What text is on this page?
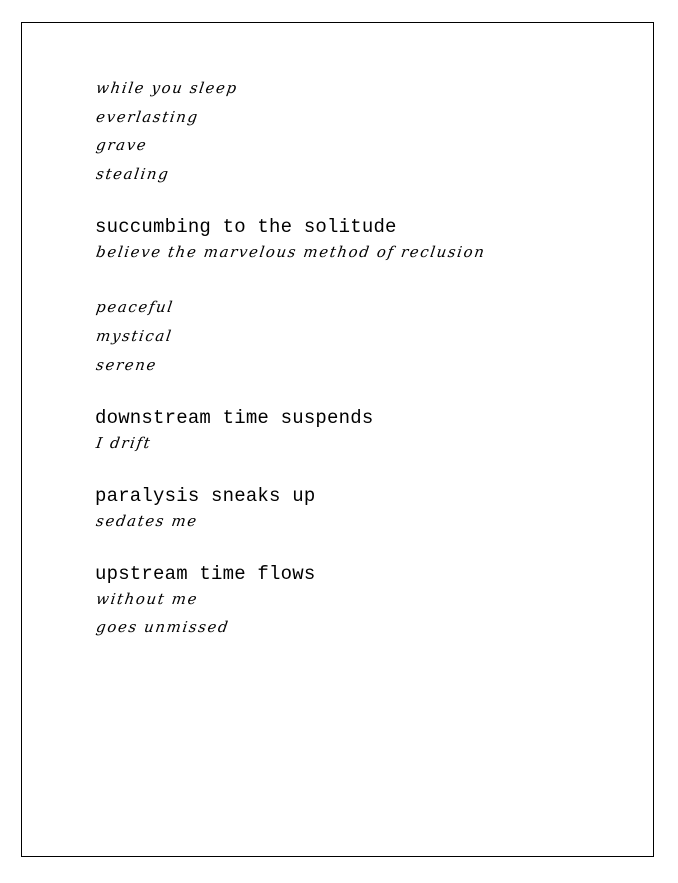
while you sleep
everlasting
grave
stealing
succumbing to the solitude
believe the marvelous method of reclusion
peaceful
mystical
serene
downstream time suspends
I drift
paralysis sneaks up
sedates me
upstream time flows
without me
goes unmissed
